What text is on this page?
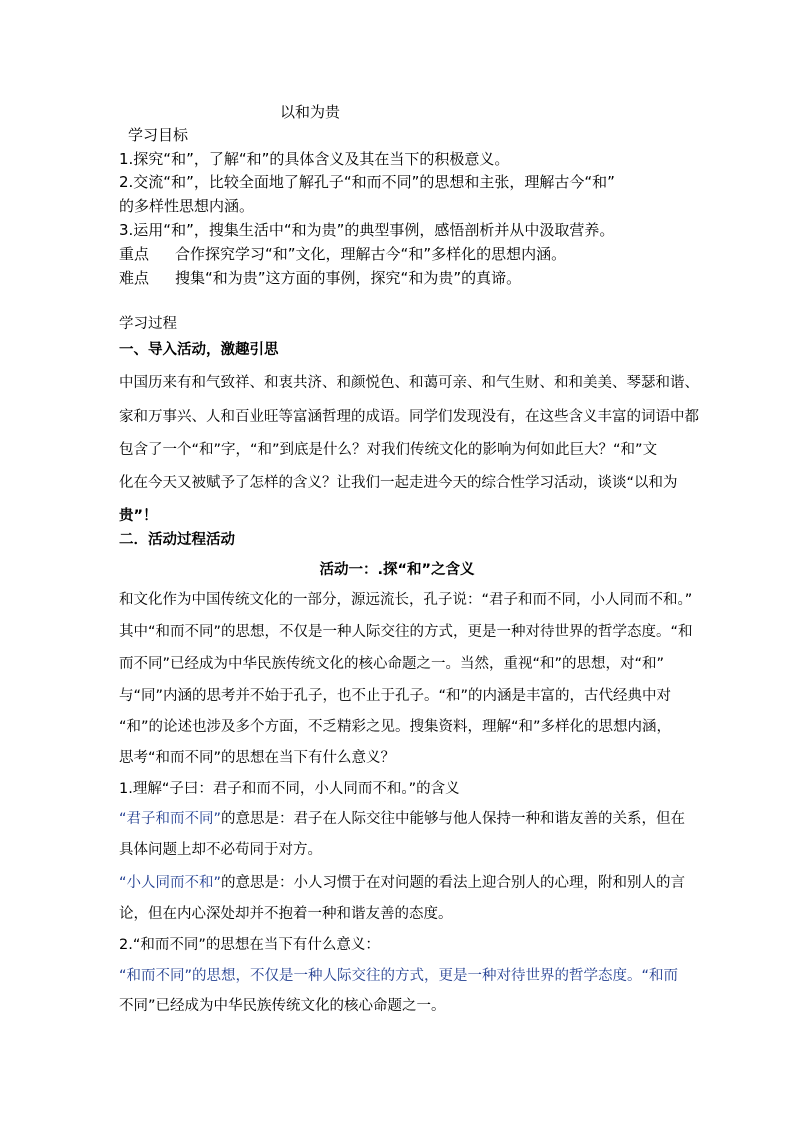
以和为贵
学习目标
1.探究“和”，了解“和”的具体含义及其在当下的积极意义。
2.交流“和”，比较全面地了解孔子“和而不同”的思想和主张，理解古今“和”
的多样性思想内涵。
3.运用“和”，搜集生活中“和为贵”的典型事例，感悟剖析并从中汲取营养。
重点 合作探究学习“和”文化，理解古今“和”多样化的思想内涵。
难点 搜集“和为贵”这方面的事例，探究“和为贵”的真谛。
学习过程
一、导入活动，激趣引思
中国历来有和气致祥、和衷共济、和颜悦色、和蔼可亲、和气生财、和和美美、琴瑟和谐、
家和万事兴、人和百业旺等富涵哲理的成语。同学们发现没有，在这些含义丰富的词语中都
包含了一个“和”字，“和”到底是什么？对我们传统文化的影响为何如此巨大？“和”文
化在今天又被赋予了怎样的含义？让我们一起走进今天的综合性学习活动，谈谈“以和为
贵”！
二．活动过程活动
活动一：.探“和”之含义
和文化作为中国传统文化的一部分，源远流长，孔子说：“君子和而不同，小人同而不和。”
其中“和而不同”的思想，不仅是一种人际交往的方式，更是一种对待世界的哲学态度。“和
而不同”已经成为中华民族传统文化的核心命题之一。当然，重视“和”的思想，对“和”
与“同”内涵的思考并不始于孔子，也不止于孔子。“和”的内涵是丰富的，古代经典中对
“和”的论述也涉及多个方面，不乏精彩之见。搜集资料，理解“和”多样化的思想内涵，
思考“和而不同”的思想在当下有什么意义？
1.理解“子曰：君子和而不同，小人同而不和。”的含义
“君子和而不同”的意思是：君子在人际交往中能够与他人保持一种和谐友善的关系，但在
具体问题上却不必苟同于对方。
“小人同而不和”的意思是：小人习惯于在对问题的看法上迎合别人的心理，附和别人的言
论，但在内心深处却并不抱着一种和谐友善的态度。
2.“和而不同”的思想在当下有什么意义：
“和而不同”的思想，不仅是一种人际交往的方式，更是一种对待世界的哲学态度。“和而
不同”已经成为中华民族传统文化的核心命题之一。
